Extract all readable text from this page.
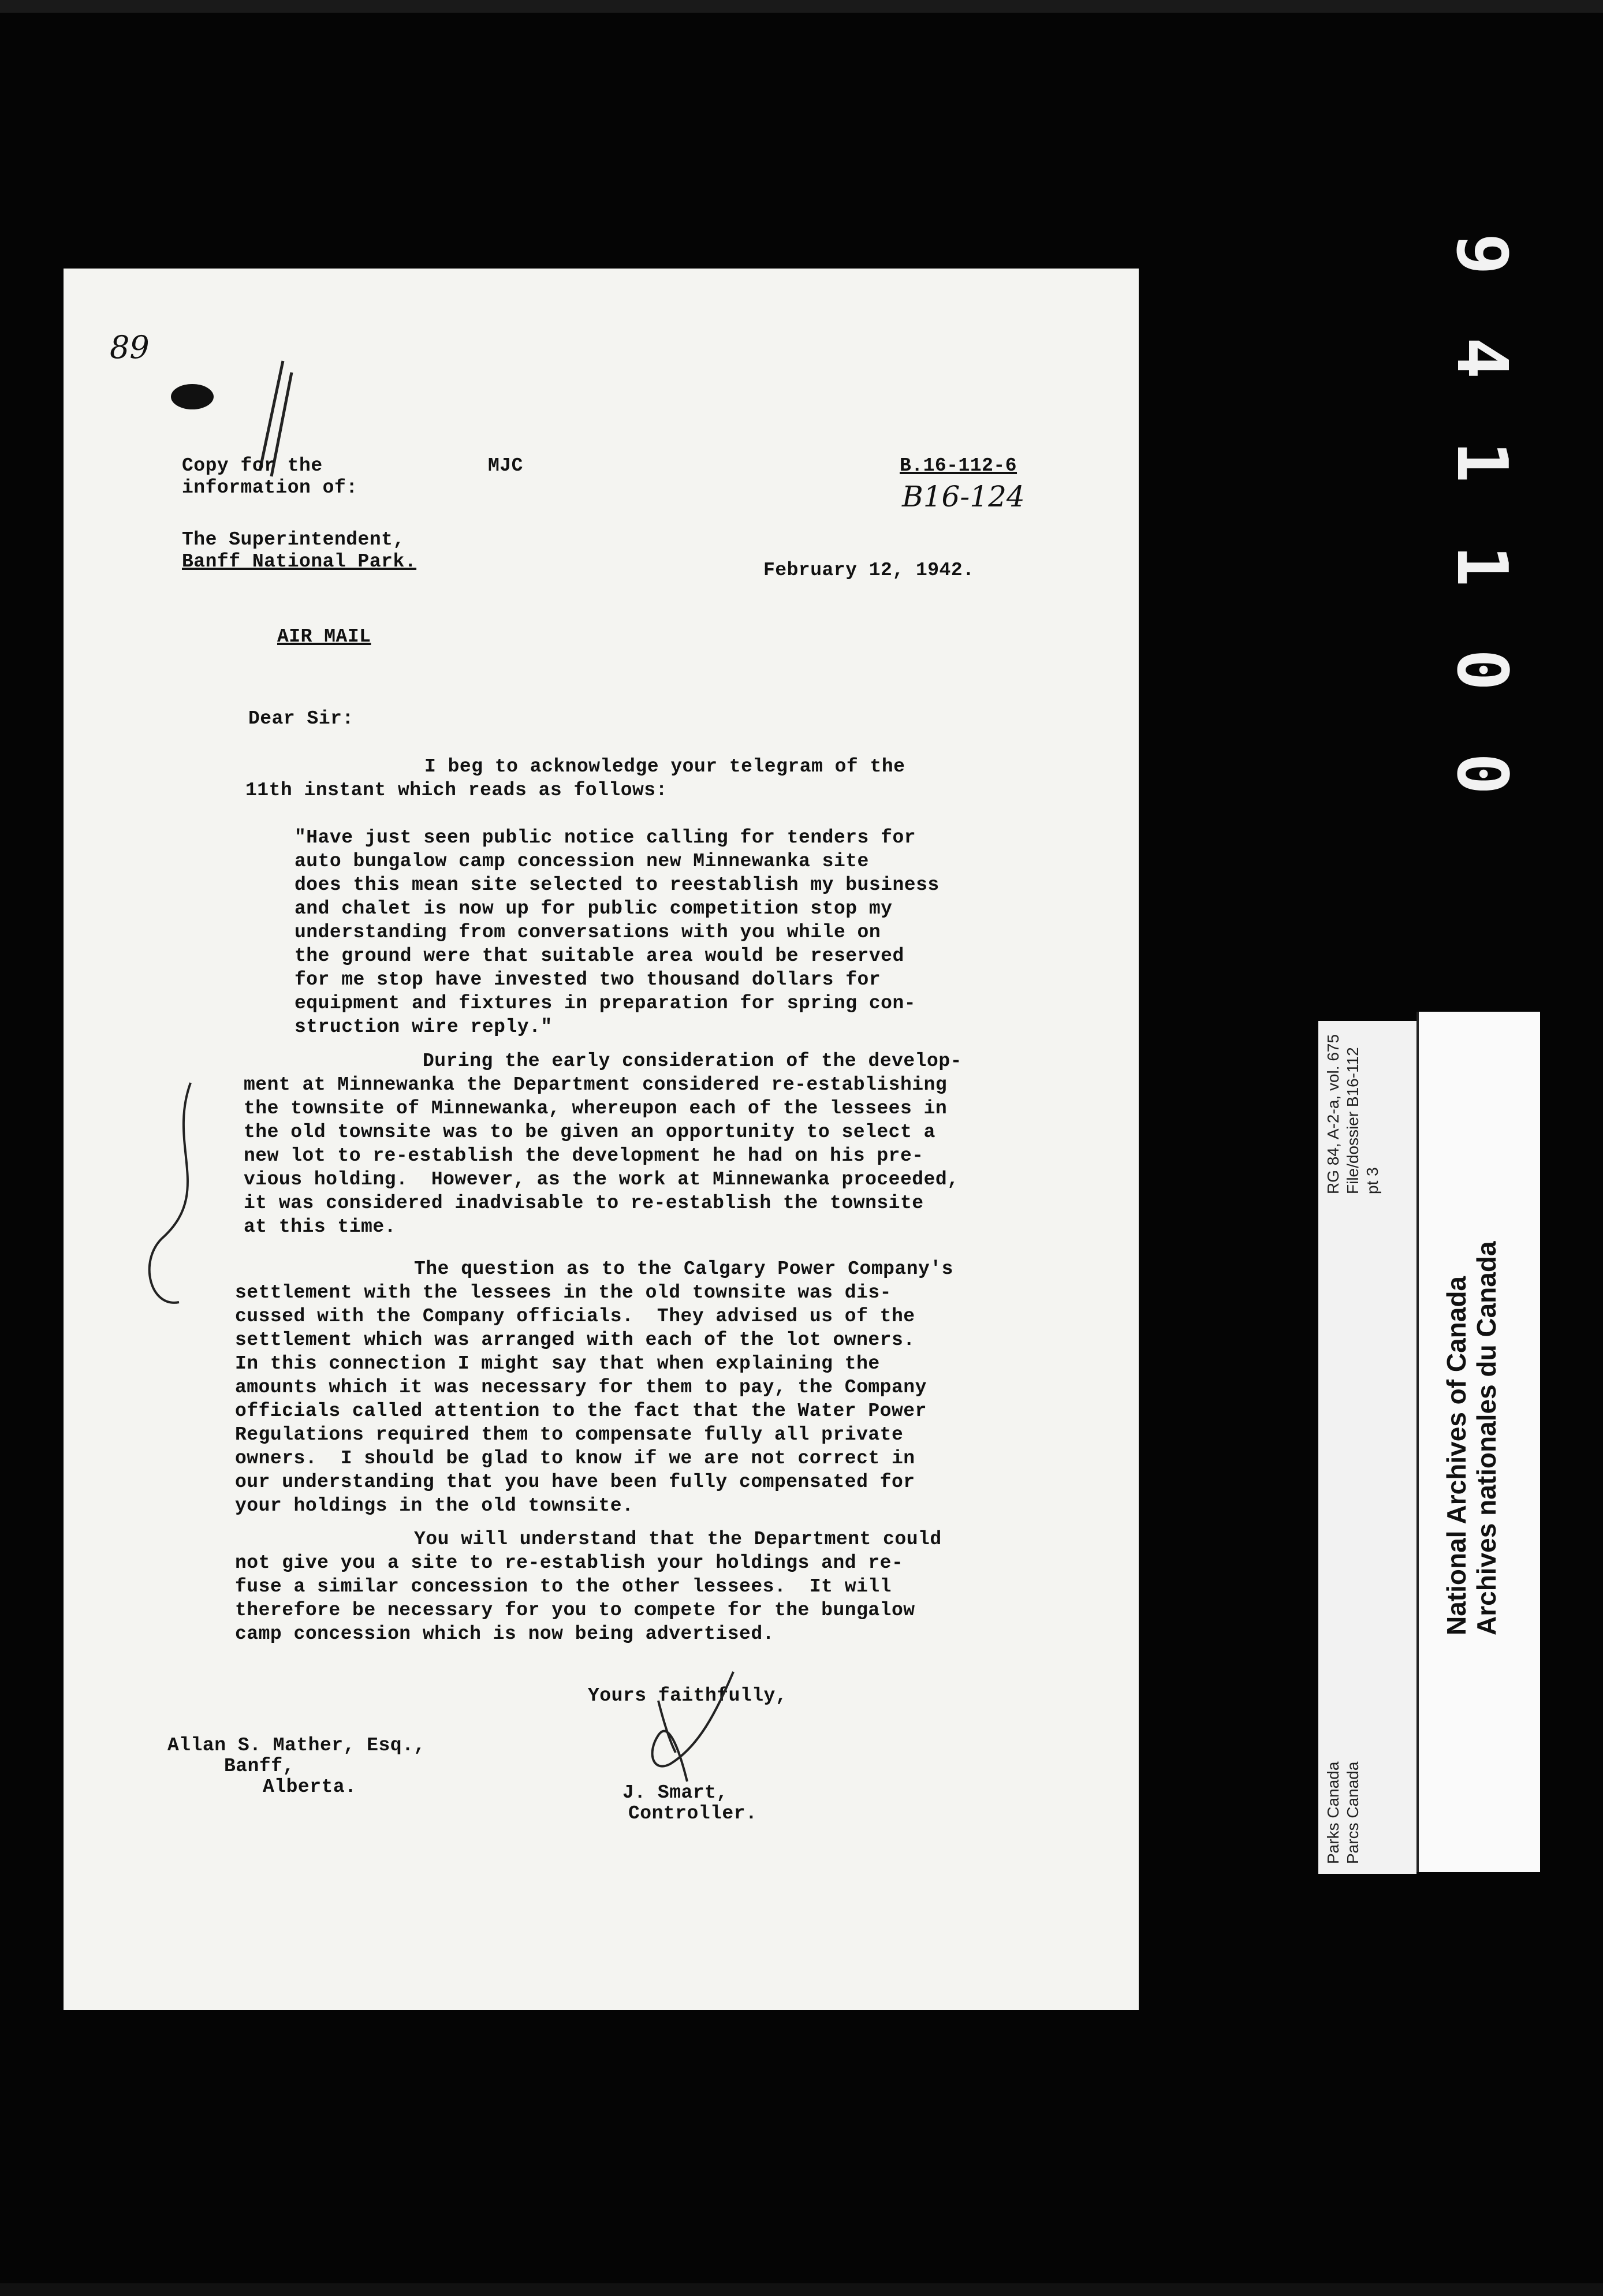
89
Copy for the
information of:
MJC	B.16-112-6
B16-124
The Superintendent,
Banff National Park.	February 12, 1942.
AIR MAIL
Dear Sir:
I beg to acknowledge your telegram of the
11th instant which reads as follows:
"Have just seen public notice calling for tenders for
auto bungalow camp concession new Minnewanka site
does this mean site selected to reestablish my business
and chalet is now up for public competition stop my
understanding from conversations with you while on
the ground were that suitable area would be reserved
for me stop have invested two thousand dollars for
equipment and fixtures in preparation for spring con-
struction wire reply."
During the early consideration of the develop-
ment at Minnewanka the Department considered re-establishing
the townsite of Minnewanka, whereupon each of the lessees in
the old townsite was to be given an opportunity to select a
new lot to re-establish the development he had on his pre-
vious holding.  However, as the work at Minnewanka proceeded,
it was considered inadvisable to re-establish the townsite
at this time.
The question as to the Calgary Power Company's
settlement with the lessees in the old townsite was dis-
cussed with the Company officials.  They advised us of the
settlement which was arranged with each of the lot owners.
In this connection I might say that when explaining the
amounts which it was necessary for them to pay, the Company
officials called attention to the fact that the Water Power
Regulations required them to compensate fully all private
owners.  I should be glad to know if we are not correct in
our understanding that you have been fully compensated for
your holdings in the old townsite.
You will understand that the Department could
not give you a site to re-establish your holdings and re-
fuse a similar concession to the other lessees.  It will
therefore be necessary for you to compete for the bungalow
camp concession which is now being advertised.
Yours faithfully,
Allan S. Mather, Esq.,
Banff,
Alberta.	J. Smart,
Controller.
9
4
1
1
0
0
RG 84, A-2-a, vol. 675 File/dossier B16-112 pt 3
Parks Canada Parcs Canada
National Archives of Canada Archives nationales du Canada
